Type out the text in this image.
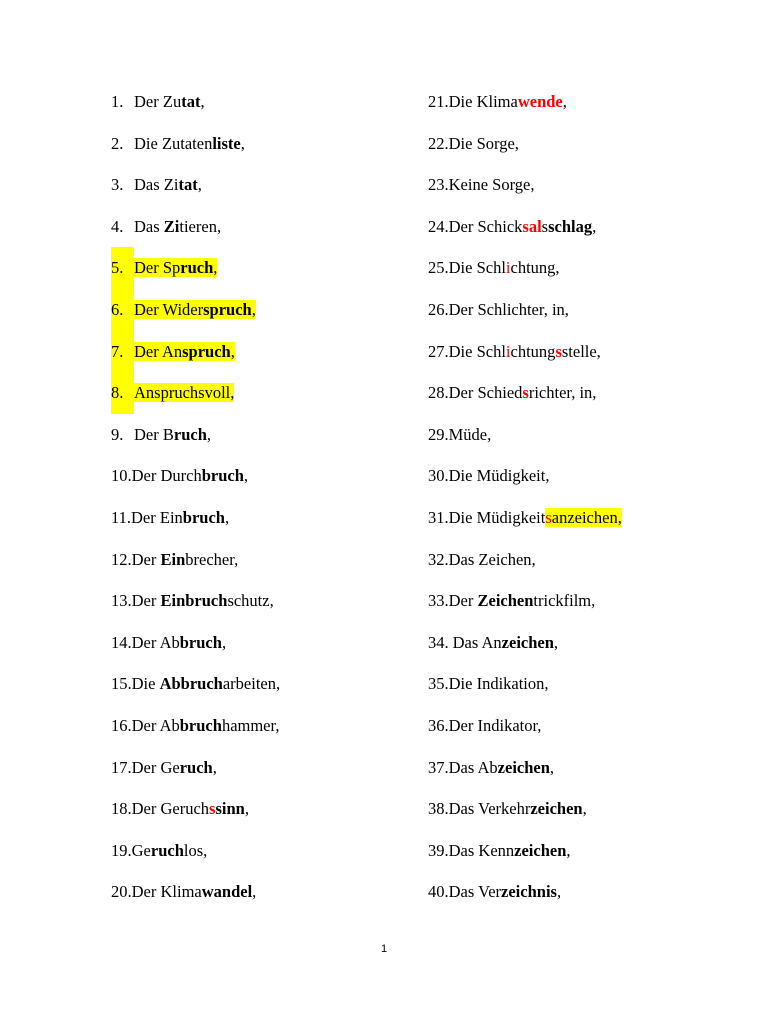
1. Der Zutat,
2. Die Zutatenliste,
3. Das Zitat,
4. Das Zitieren,
5. Der Spruch,
6. Der Widerspruch,
7. Der Anspruch,
8. Anspruchsvoll,
9. Der Bruch,
10.Der Durchbruch,
11.Der Einbruch,
12.Der Einbrecher,
13.Der Einbruchschutz,
14.Der Abbruch,
15.Die Abbrucharbeiten,
16.Der Abbruchhammer,
17.Der Geruch,
18.Der Geruchssinn,
19.Geruchlos,
20.Der Klimawandel,
21.Die Klimawende,
22.Die Sorge,
23.Keine Sorge,
24.Der Schicksalsschlag,
25.Die Schlichtung,
26.Der Schlichter, in,
27.Die Schlichtungsstelle,
28.Der Schiedsrichter, in,
29.Müde,
30.Die Müdigkeit,
31.Die Müdigkeitsanzeichen,
32.Das Zeichen,
33.Der Zeichentrickfilm,
34. Das Anzeichen,
35.Die Indikation,
36.Der Indikator,
37.Das Abzeichen,
38.Das Verkehrzeichen,
39.Das Kennzeichen,
40.Das Verzeichnis,
1
